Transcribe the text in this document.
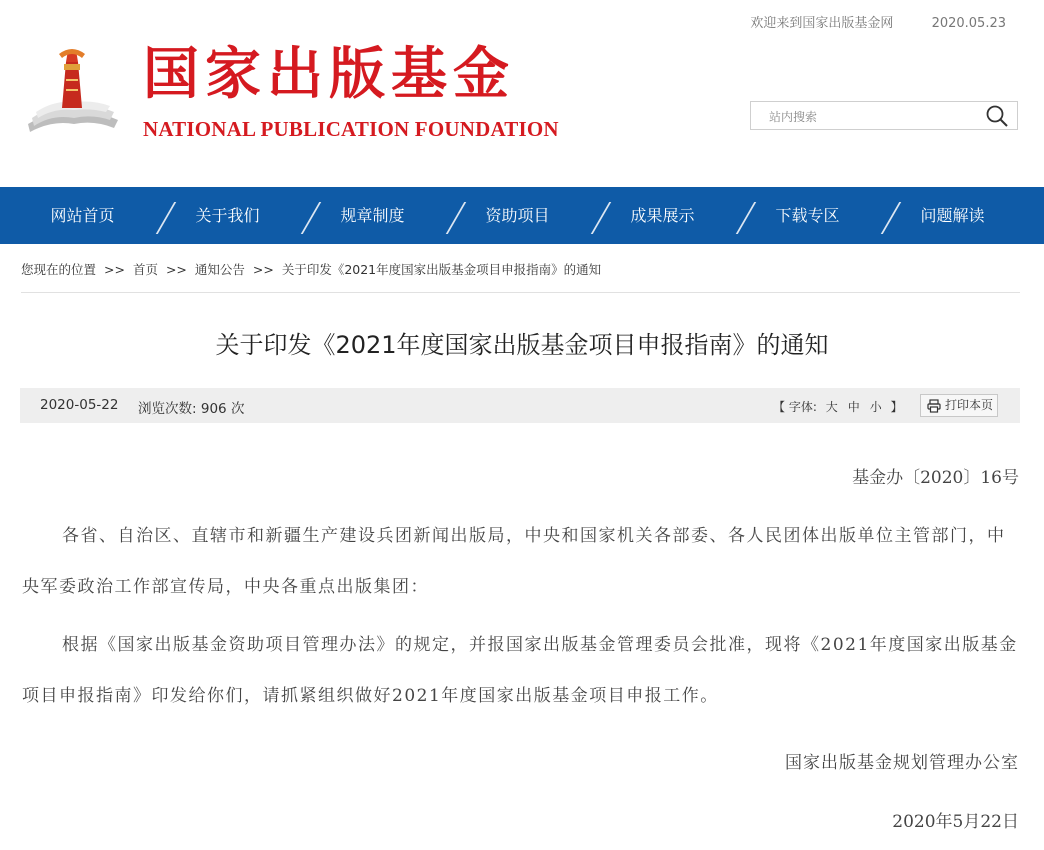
欢迎来到国家出版基金网	2020.05.23
国家出版基金
NATIONAL PUBLICATION FOUNDATION
站内搜索
网站首页	关于我们	规章制度	资助项目	成果展示	下载专区	问题解读
您现在的位置 >> 首页 >> 通知公告 >> 关于印发《2021年度国家出版基金项目申报指南》的通知
关于印发《2021年度国家出版基金项目申报指南》的通知
2020-05-22 浏览次数: 906 次	【 字体: 大 中 小 】	打印本页
基金办〔2020〕16号

各省、自治区、直辖市和新疆生产建设兵团新闻出版局，中央和国家机关各部委、各人民团体出版单位主管部门，中央军委政治工作部宣传局，中央各重点出版集团：

根据《国家出版基金资助项目管理办法》的规定，并报国家出版基金管理委员会批准，现将《2021年度国家出版基金项目申报指南》印发给你们，请抓紧组织做好2021年度国家出版基金项目申报工作。

国家出版基金规划管理办公室
2020年5月22日
